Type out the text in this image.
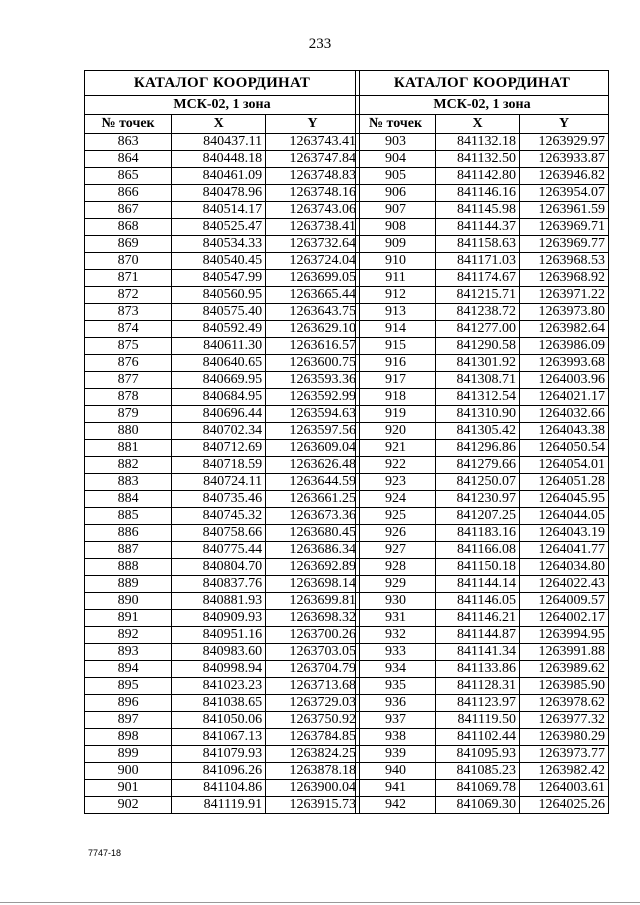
233
КАТАЛОГ КООРДИНАТ		
МСК-02, 1 зона		
№ точек	X	Y
863	840437.11	1263743.41
864	840448.18	1263747.84
865	840461.09	1263748.83
866	840478.96	1263748.16
867	840514.17	1263743.06
868	840525.47	1263738.41
869	840534.33	1263732.64
870	840540.45	1263724.04
871	840547.99	1263699.05
872	840560.95	1263665.44
873	840575.40	1263643.75
874	840592.49	1263629.10
875	840611.30	1263616.57
876	840640.65	1263600.75
877	840669.95	1263593.36
878	840684.95	1263592.99
879	840696.44	1263594.63
880	840702.34	1263597.56
881	840712.69	1263609.04
882	840718.59	1263626.48
883	840724.11	1263644.59
884	840735.46	1263661.25
885	840745.32	1263673.36
886	840758.66	1263680.45
887	840775.44	1263686.34
888	840804.70	1263692.89
889	840837.76	1263698.14
890	840881.93	1263699.81
891	840909.93	1263698.32
892	840951.16	1263700.26
893	840983.60	1263703.05
894	840998.94	1263704.79
895	841023.23	1263713.68
896	841038.65	1263729.03
897	841050.06	1263750.92
898	841067.13	1263784.85
899	841079.93	1263824.25
900	841096.26	1263878.18
901	841104.86	1263900.04
902	841119.91	1263915.73
КАТАЛОГ КООРДИНАТ		
МСК-02, 1 зона		
№ точек	X	Y
903	841132.18	1263929.97
904	841132.50	1263933.87
905	841142.80	1263946.82
906	841146.16	1263954.07
907	841145.98	1263961.59
908	841144.37	1263969.71
909	841158.63	1263969.77
910	841171.03	1263968.53
911	841174.67	1263968.92
912	841215.71	1263971.22
913	841238.72	1263973.80
914	841277.00	1263982.64
915	841290.58	1263986.09
916	841301.92	1263993.68
917	841308.71	1264003.96
918	841312.54	1264021.17
919	841310.90	1264032.66
920	841305.42	1264043.38
921	841296.86	1264050.54
922	841279.66	1264054.01
923	841250.07	1264051.28
924	841230.97	1264045.95
925	841207.25	1264044.05
926	841183.16	1264043.19
927	841166.08	1264041.77
928	841150.18	1264034.80
929	841144.14	1264022.43
930	841146.05	1264009.57
931	841146.21	1264002.17
932	841144.87	1263994.95
933	841141.34	1263991.88
934	841133.86	1263989.62
935	841128.31	1263985.90
936	841123.97	1263978.62
937	841119.50	1263977.32
938	841102.44	1263980.29
939	841095.93	1263973.77
940	841085.23	1263982.42
941	841069.78	1264003.61
942	841069.30	1264025.26
7747-18
